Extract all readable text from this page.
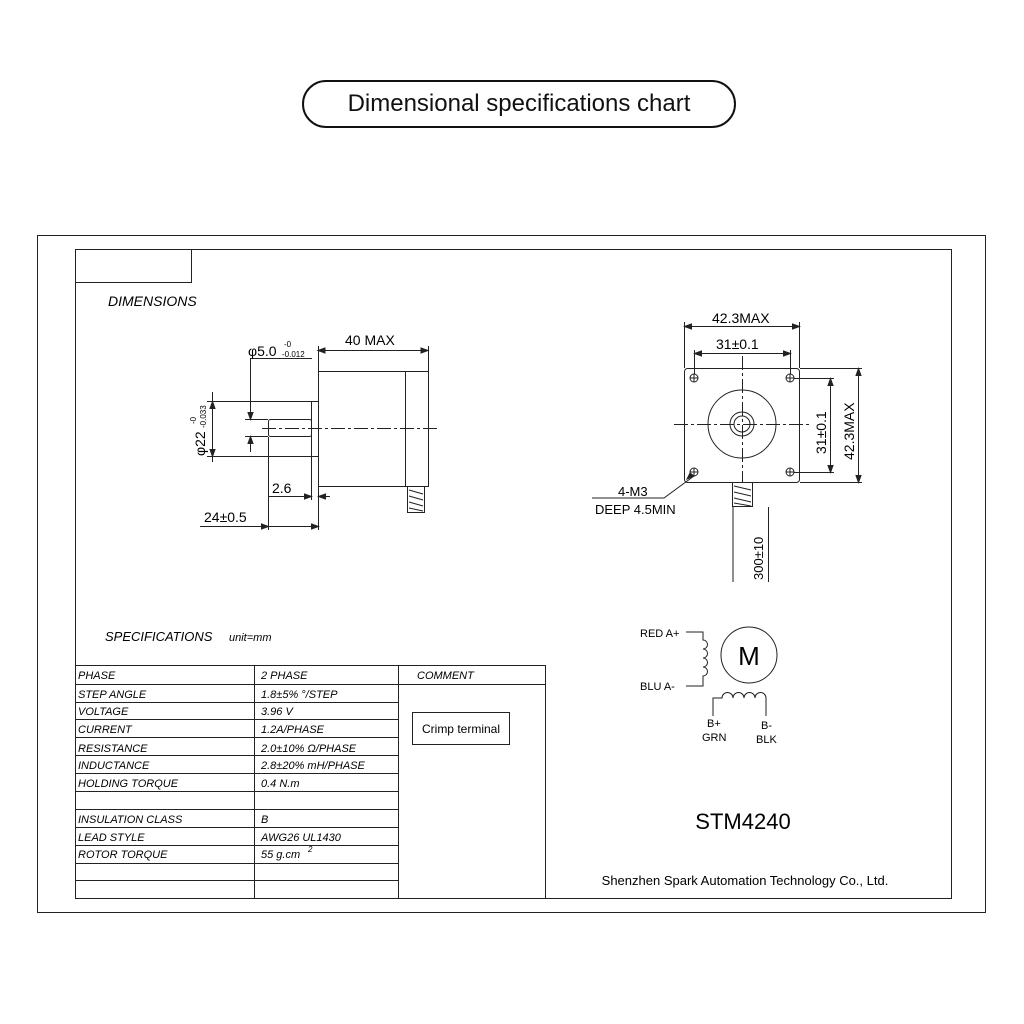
Dimensional specifications chart
DIMENSIONS
40 MAX
φ5.0 -0
-0.012
φ22
-0 -0.033
2.6
24±0.5
42.3MAX
31±0.1
31±0.1 42.3MAX
4-M3
DEEP 4.5MIN
300±10
SPECIFICATIONS unit=mm
PHASE	2 PHASE
STEP ANGLE	1.8±5% °/STEP
VOLTAGE	3.96 V
CURRENT	1.2A/PHASE
RESISTANCE	2.0±10% Ω/PHASE
INDUCTANCE	2.8±20% mH/PHASE
HOLDING TORQUE	0.4 N.m
INSULATION CLASS	B
LEAD STYLE	AWG26 UL1430
ROTOR TORQUE	55 g.cm 2
COMMENT
Crimp terminal
RED A+
BLU A-
M
B+
GRN
B-
BLK
STM4240
Shenzhen Spark Automation Technology Co., Ltd.
